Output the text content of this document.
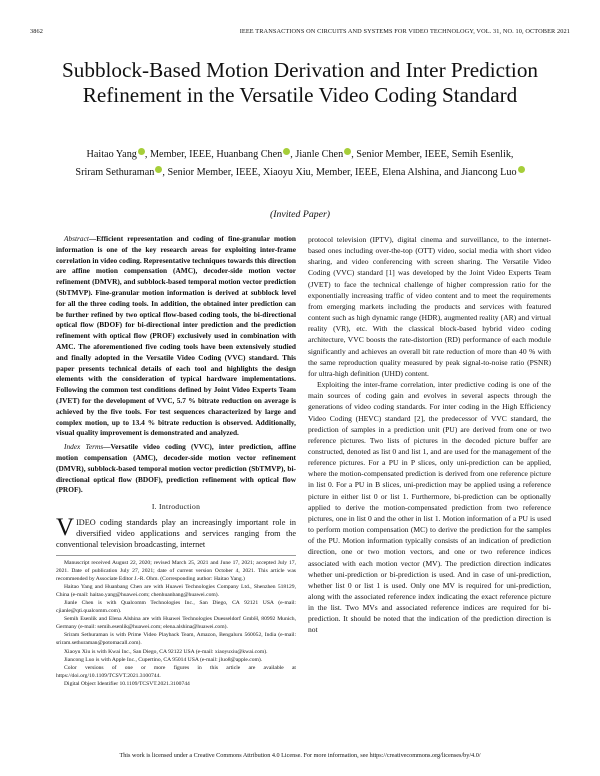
3862	IEEE TRANSACTIONS ON CIRCUITS AND SYSTEMS FOR VIDEO TECHNOLOGY, VOL. 31, NO. 10, OCTOBER 2021
Subblock-Based Motion Derivation and Inter Prediction Refinement in the Versatile Video Coding Standard
Haitao Yang , Member, IEEE, Huanbang Chen , Jianle Chen , Senior Member, IEEE, Semih Esenlik,
Sriram Sethuraman , Senior Member, IEEE, Xiaoyu Xiu, Member, IEEE, Elena Alshina, and Jiancong Luo
(Invited Paper)

Abstract—Efficient representation and coding of fine-granular motion information is one of the key research areas for exploiting inter-frame correlation in video coding. Representative techniques towards this direction are affine motion compensation (AMC), decoder-side motion vector refinement (DMVR), and subblock-based temporal motion vector prediction (SbTMVP). Fine-granular motion information is derived at subblock level for all the three coding tools. In addition, the obtained inter prediction can be further refined by two optical flow-based coding tools, the bi-directional optical flow (BDOF) for bi-directional inter prediction and the prediction refinement with optical flow (PROF) exclusively used in combination with AMC. The aforementioned five coding tools have been extensively studied and finally adopted in the Versatile Video Coding (VVC) standard. This paper presents technical details of each tool and highlights the design elements with the consideration of typical hardware implementations. Following the common test conditions defined by Joint Video Experts Team (JVET) for the development of VVC, 5.7 % bitrate reduction on average is achieved by the five tools. For test sequences characterized by large and complex motion, up to 13.4 % bitrate reduction is observed. Additionally, visual quality improvement is demonstrated and analyzed.

Index Terms—Versatile video coding (VVC), inter prediction, affine motion compensation (AMC), decoder-side motion vector refinement (DMVR), subblock-based temporal motion vector prediction (SbTMVP), bi-directional optical flow (BDOF), prediction refinement with optical flow (PROF).

I. Introduction

VIDEO coding standards play an increasingly important role in diversified video applications and services ranging from the conventional television broadcasting, internet

Manuscript received August 22, 2020; revised March 25, 2021 and June 17, 2021; accepted July 17, 2021. Date of publication July 27, 2021; date of current version October 4, 2021. This article was recommended by Associate Editor J.-R. Ohm. (Corresponding author: Haitao Yang.)

Haitao Yang and Huanbang Chen are with Huawei Technologies Company Ltd., Shenzhen 518129, China (e-mail: haitao.yang@huawei.com; chenhuanbang@huawei.com).

Jianle Chen is with Qualcomm Technologies Inc., San Diego, CA 92121 USA (e-mail: cjianle@qti.qualcomm.com).

Semih Esenlik and Elena Alshina are with Huawei Technologies Duesseldorf GmbH, 80992 Munich, Germany (e-mail: semih.esenlik@huawei.com; elena.alshina@huawei.com).

Sriram Sethuraman is with Prime Video Playback Team, Amazon, Bengaluru 560052, India (e-mail: sriram.sethuraman@potomacall.com).

Xiaoyu Xiu is with Kwai Inc., San Diego, CA 92122 USA (e-mail: xiaoyuxiu@kwai.com).

Jiancong Luo is with Apple Inc., Cupertino, CA 95014 USA (e-mail: jluo8@apple.com).

Color versions of one or more figures in this article are available at https://doi.org/10.1109/TCSVT.2021.3100744.

Digital Object Identifier 10.1109/TCSVT.2021.3100744

protocol television (IPTV), digital cinema and surveillance, to the internet-based ones including over-the-top (OTT) video, social media with short video sharing, and video conferencing with screen sharing. The Versatile Video Coding (VVC) standard [1] was developed by the Joint Video Experts Team (JVET) to face the technical challenge of higher compression ratio for the exponentially increasing traffic of video content and to meet the requirements from emerging markets including the products and services with featured content such as high dynamic range (HDR), augmented reality (AR) and virtual reality (VR), etc. With the classical block-based hybrid video coding architecture, VVC boosts the rate-distortion (RD) performance of each module significantly and achieves an overall bit rate reduction of more than 40 % with the same reproduction quality measured by peak signal-to-noise ratio (PSNR) for ultra-high definition (UHD) content.

Exploiting the inter-frame correlation, inter predictive coding is one of the main sources of coding gain and evolves in several aspects through the generations of video coding standards. For inter coding in the High Efficiency Video Coding (HEVC) standard [2], the predecessor of VVC standard, the prediction of samples in a prediction unit (PU) are derived from one or two reference pictures. Two lists of pictures in the decoded picture buffer are constructed, denoted as list 0 and list 1, and are used for the management of the reference pictures. For a PU in P slices, only uni-prediction can be applied, where the motion-compensated prediction is derived from one reference picture in list 0. For a PU in B slices, uni-prediction may be applied using a reference picture in either list 0 or list 1. Furthermore, bi-prediction can be optionally applied to derive the motion-compensated prediction from two reference pictures, one in list 0 and the other in list 1. Motion information of a PU is used to perform motion compensation (MC) to derive the prediction for the samples of the PU. Motion information typically consists of an indication of prediction direction, one or two motion vectors, and one or two reference indices associated with each motion vector (MV). The prediction direction indicates whether uni-prediction or bi-prediction is used. And in case of uni-prediction, whether list 0 or list 1 is used. Only one MV is required for uni-prediction, along with the associated reference index indicating the exact reference picture in the list. Two MVs and associated reference indices are required for bi-prediction. It should be noted that the indication of the prediction direction is not

This work is licensed under a Creative Commons Attribution 4.0 License. For more information, see https://creativecommons.org/licenses/by/4.0/
